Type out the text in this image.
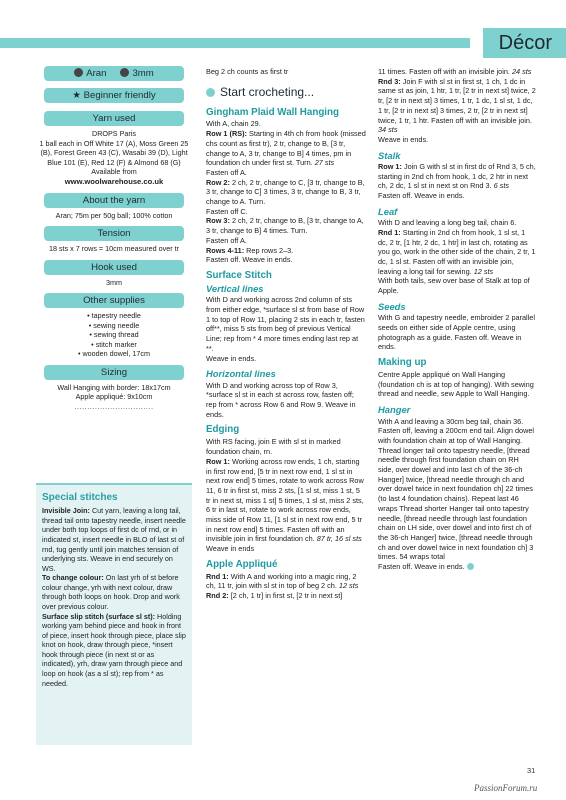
Décor
Aran	3mm
★ Beginner friendly
Yarn used
DROPS Paris
1 ball each in Off White 17 (A), Moss Green 25 (B), Forest Green 43 (C), Wasabi 39 (D), Light Blue 101 (E), Red 12 (F) & Almond 68 (G)
Available from
www.woolwarehouse.co.uk
About the yarn
Aran; 75m per 50g ball; 100% cotton
Tension
18 sts x 7 rows = 10cm measured over tr
Hook used
3mm
Other supplies
• tapestry needle
• sewing needle
• sewing thread
• stitch marker
• wooden dowel, 17cm
Sizing
Wall Hanging with border: 18x17cm
Apple appliqué: 9x10cm
...............................
Special stitches

Invisible Join: Cut yarn, leaving a long tail, thread tail onto tapestry needle, insert needle under both top loops of first dc of rnd, or in indicated st, insert needle in BLO of last st of rnd, tug gently until join matches tension of underlying sts. Weave in end securely on WS.

To change colour: On last yrh of st before colour change, yrh with next colour, draw through both loops on hook. Drop and work over previous colour.

Surface slip stitch (surface sl st): Holding working yarn behind piece and hook in front of piece, insert hook through piece, place slip knot on hook, draw through piece, *insert hook through piece (in next st or as indicated), yrh, draw yarn through piece and loop on hook (as a sl st); rep from * as needed.

Beg 2 ch counts as first tr
Start crocheting...
Gingham Plaid Wall Hanging
With A, chain 29.
Row 1 (RS): Starting in 4th ch from hook (missed chs count as first tr), 2 tr, change to B, [3 tr, change to A, 3 tr, change to B] 4 times, pm in foundation ch under first st. Turn. 27 sts
Fasten off A.
Row 2: 2 ch, 2 tr, change to C, [3 tr, change to B, 3 tr, change to C] 3 times, 3 tr, change to B, 3 tr, change to A. Turn.
Fasten off C.
Row 3: 2 ch, 2 tr, change to B, [3 tr, change to A, 3 tr, change to B] 4 times. Turn.
Fasten off A.
Rows 4-11: Rep rows 2–3.
Fasten off. Weave in ends.
Surface Stitch
Vertical lines
With D and working across 2nd column of sts from either edge, *surface sl st from base of Row 1 to top of Row 11, placing 2 sts in each tr, fasten off**, miss 5 sts from beg of previous Vertical Line; rep from * 4 more times ending last rep at **.
Weave in ends.
Horizontal lines
With D and working across top of Row 3, *surface sl st in each st across row, fasten off; rep from * across Row 6 and Row 9. Weave in ends.
Edging
With RS facing, join E with sl st in marked foundation chain, rn.
Row 1: Working across row ends, 1 ch, starting in first row end, [5 tr in next row end, 1 sl st in next row end] 5 times, rotate to work across Row 11, 6 tr in first st, miss 2 sts, [1 sl st, miss 1 st, 5 tr in next st, miss 1 st] 5 times, 1 sl st, miss 2 sts, 6 tr in last st, rotate to work across row ends, miss side of Row 11, [1 sl st in next row end, 5 tr in next row end] 5 times. Fasten off with an invisible join in first foundation ch. 87 tr, 16 sl sts
Weave in ends
Apple Appliqué
Rnd 1: With A and working into a magic ring, 2 ch, 11 tr, join with sl st in top of beg 2 ch. 12 sts
Rnd 2: [2 ch, 1 tr] in first st, [2 tr in next st]
11 times. Fasten off with an invisible join. 24 sts
Rnd 3: Join F with sl st in first st, 1 ch, 1 dc in same st as join, 1 htr, 1 tr, [2 tr in next st] twice, 2 tr, [2 tr in next st] 3 times, 1 tr, 1 dc, 1 sl st, 1 dc, 1 tr, [2 tr in next st] 3 times, 2 tr, [2 tr in next st] twice, 1 tr, 1 htr. Fasten off with an invisible join. 34 sts
Weave in ends.
Stalk
Row 1: Join G with sl st in first dc of Rnd 3, 5 ch, starting in 2nd ch from hook, 1 dc, 2 htr in next ch, 2 dc, 1 sl st in next st on Rnd 3. 6 sts
Fasten off. Weave in ends.
Leaf
With D and leaving a long beg tail, chain 6.
Rnd 1: Starting in 2nd ch from hook, 1 sl st, 1 dc, 2 tr, [1 htr, 2 dc, 1 htr] in last ch, rotating as you go, work in the other side of the chain, 2 tr, 1 dc, 1 sl st. Fasten off with an invisible join, leaving a long tail for sewing. 12 sts
With both tails, sew over base of Stalk at top of Apple.
Seeds
With G and tapestry needle, embroider 2 parallel seeds on either side of Apple centre, using photograph as a guide. Fasten off. Weave in ends.
Making up
Centre Apple appliqué on Wall Hanging (foundation ch is at top of hanging). With sewing thread and needle, sew Apple to Wall Hanging.
Hanger
With A and leaving a 30cm beg tail, chain 36. Fasten off, leaving a 200cm end tail. Align dowel with foundation chain at top of Wall Hanging. Thread longer tail onto tapestry needle, [thread needle through first foundation chain on RH side, over dowel and into last ch of the 36-ch Hanger] twice, [thread needle through ch and over dowel twice in next foundation ch] 22 times (to last 4 foundation chains). Repeat last 46 wraps Thread shorter Hanger tail onto tapestry needle, [thread needle through last foundation chain on LH side, over dowel and into first ch of the 36-ch Hanger] twice, [thread needle through ch and over dowel twice in next foundation ch] 3 times. 54 wraps total
Fasten off. Weave in ends.
31
PassionForum.ru
